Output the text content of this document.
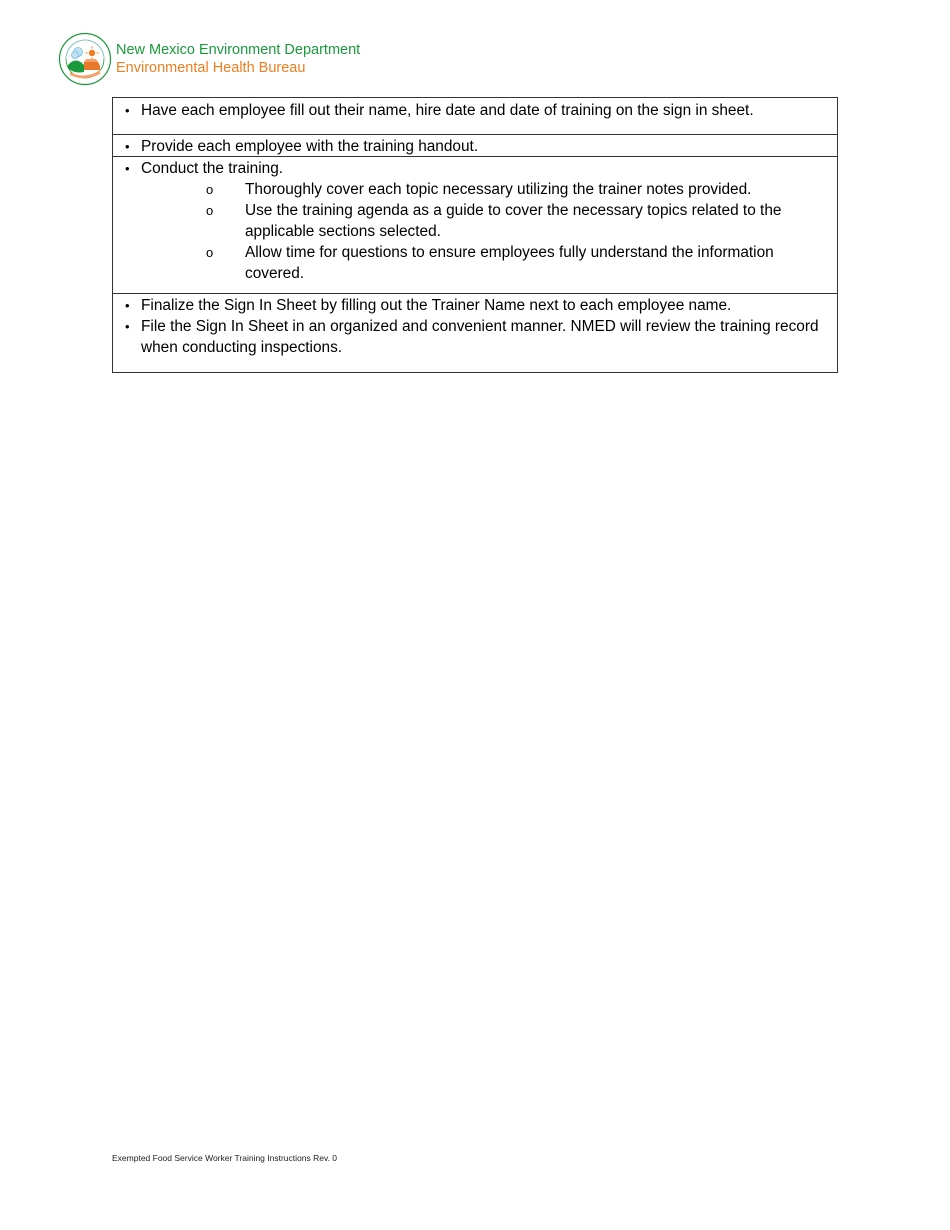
New Mexico Environment Department
Environmental Health Bureau
• Have each employee fill out their name, hire date and date of training on the sign in sheet.
• Provide each employee with the training handout.
• Conduct the training.
o	Thoroughly cover each topic necessary utilizing the trainer notes provided.
o	Use the training agenda as a guide to cover the necessary topics related to the applicable sections selected.
o	Allow time for questions to ensure employees fully understand the information covered.
• Finalize the Sign In Sheet by filling out the Trainer Name next to each employee name.
• File the Sign In Sheet in an organized and convenient manner. NMED will review the training record when conducting inspections.
Exempted Food Service Worker Training Instructions Rev. 0
